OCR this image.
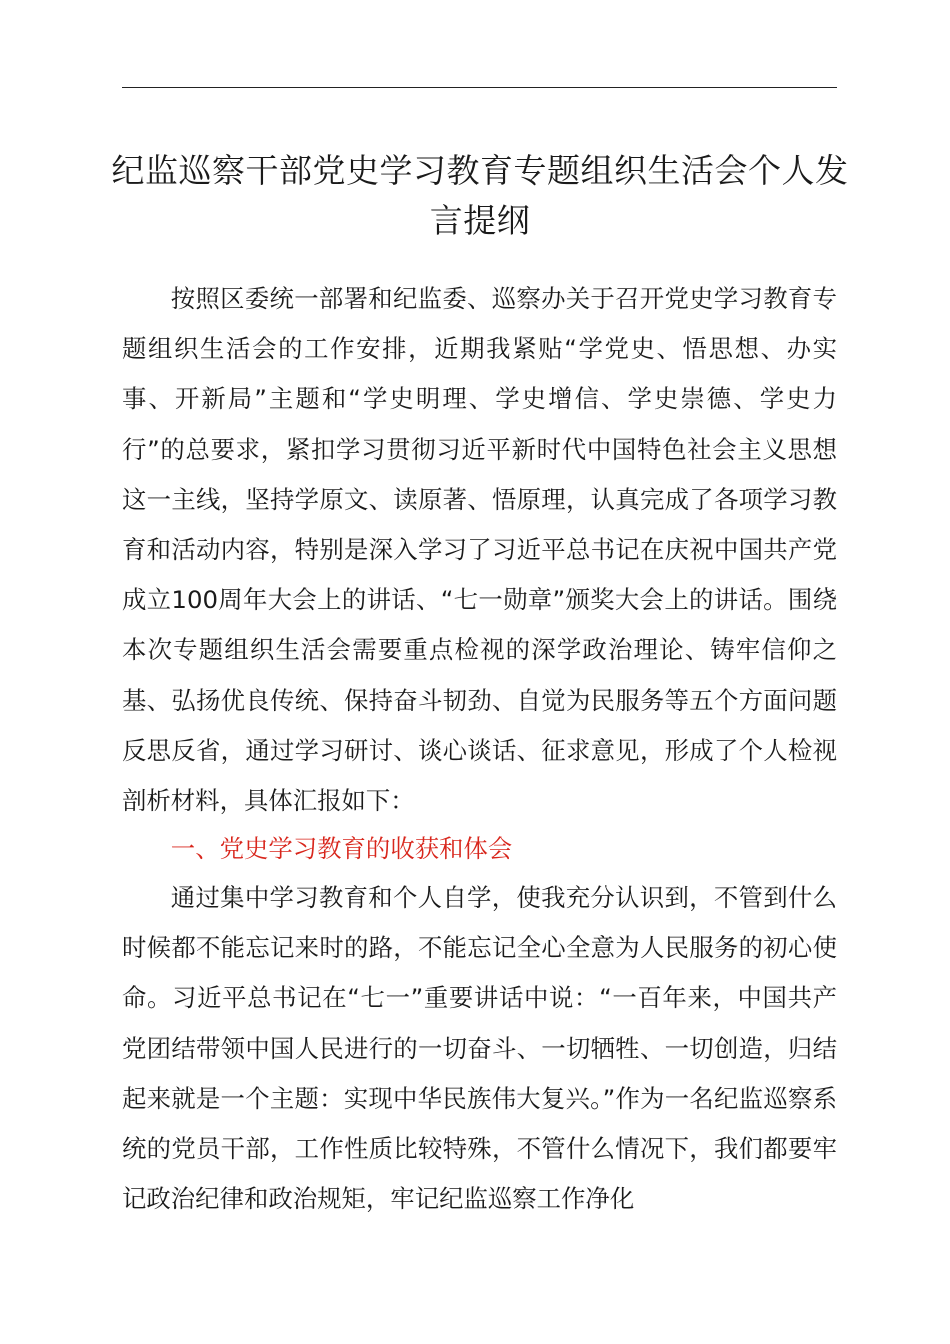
纪监巡察干部党史学习教育专题组织生活会个人发言提纲

按照区委统一部署和纪监委、巡察办关于召开党史学习教育专题组织生活会的工作安排，近期我紧贴“学党史、悟思想、办实事、开新局”主题和“学史明理、学史增信、学史崇德、学史力行”的总要求，紧扣学习贯彻习近平新时代中国特色社会主义思想这一主线，坚持学原文、读原著、悟原理，认真完成了各项学习教育和活动内容，特别是深入学习了习近平总书记在庆祝中国共产党成立100周年大会上的讲话、“七一勋章”颁奖大会上的讲话。围绕本次专题组织生活会需要重点检视的深学政治理论、铸牢信仰之基、弘扬优良传统、保持奋斗韧劲、自觉为民服务等五个方面问题反思反省，通过学习研讨、谈心谈话、征求意见，形成了个人检视剖析材料，具体汇报如下：

一、党史学习教育的收获和体会

通过集中学习教育和个人自学，使我充分认识到，不管到什么时候都不能忘记来时的路，不能忘记全心全意为人民服务的初心使命。习近平总书记在“七一”重要讲话中说：“一百年来，中国共产党团结带领中国人民进行的一切奋斗、一切牺牲、一切创造，归结起来就是一个主题：实现中华民族伟大复兴。”作为一名纪监巡察系统的党员干部，工作性质比较特殊，不管什么情况下，我们都要牢记政治纪律和政治规矩，牢记纪监巡察工作净化
